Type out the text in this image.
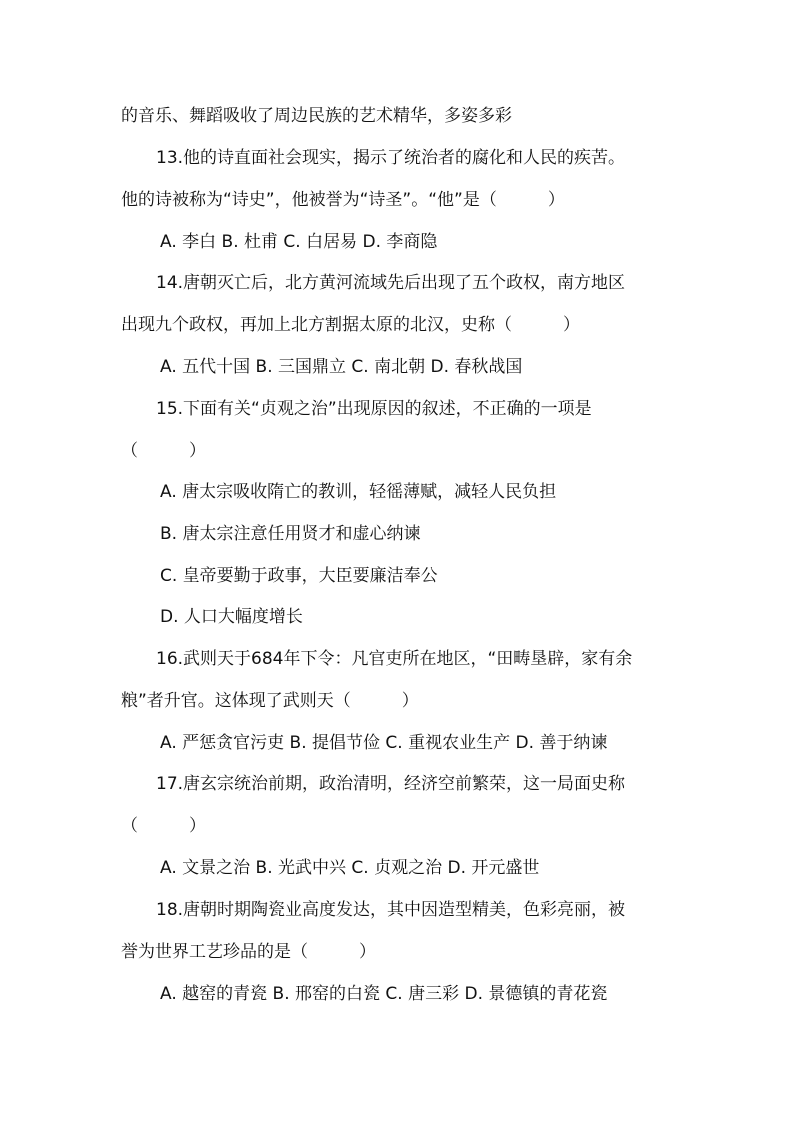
的音乐、舞蹈吸收了周边民族的艺术精华，多姿多彩
13.他的诗直面社会现实，揭示了统治者的腐化和人民的疾苦。
他的诗被称为“诗史”，他被誉为“诗圣”。“他”是（　　　）
A. 李白 B. 杜甫 C. 白居易 D. 李商隐
14.唐朝灭亡后，北方黄河流域先后出现了五个政权，南方地区
出现九个政权，再加上北方割据太原的北汉，史称（　　　）
A. 五代十国 B. 三国鼎立 C. 南北朝 D. 春秋战国
15.下面有关“贞观之治”出现原因的叙述，不正确的一项是
（　　　）
A. 唐太宗吸收隋亡的教训，轻徭薄赋，减轻人民负担
B. 唐太宗注意任用贤才和虚心纳谏
C. 皇帝要勤于政事，大臣要廉洁奉公
D. 人口大幅度增长
16.武则天于684年下令：凡官吏所在地区，“田畴垦辟，家有余
粮”者升官。这体现了武则天（　　　）
A. 严惩贪官污吏 B. 提倡节俭 C. 重视农业生产 D. 善于纳谏
17.唐玄宗统治前期，政治清明，经济空前繁荣，这一局面史称
（　　　）
A. 文景之治 B. 光武中兴 C. 贞观之治 D. 开元盛世
18.唐朝时期陶瓷业高度发达，其中因造型精美，色彩亮丽，被
誉为世界工艺珍品的是（　　　）
A. 越窑的青瓷 B. 邢窑的白瓷 C. 唐三彩 D. 景德镇的青花瓷
